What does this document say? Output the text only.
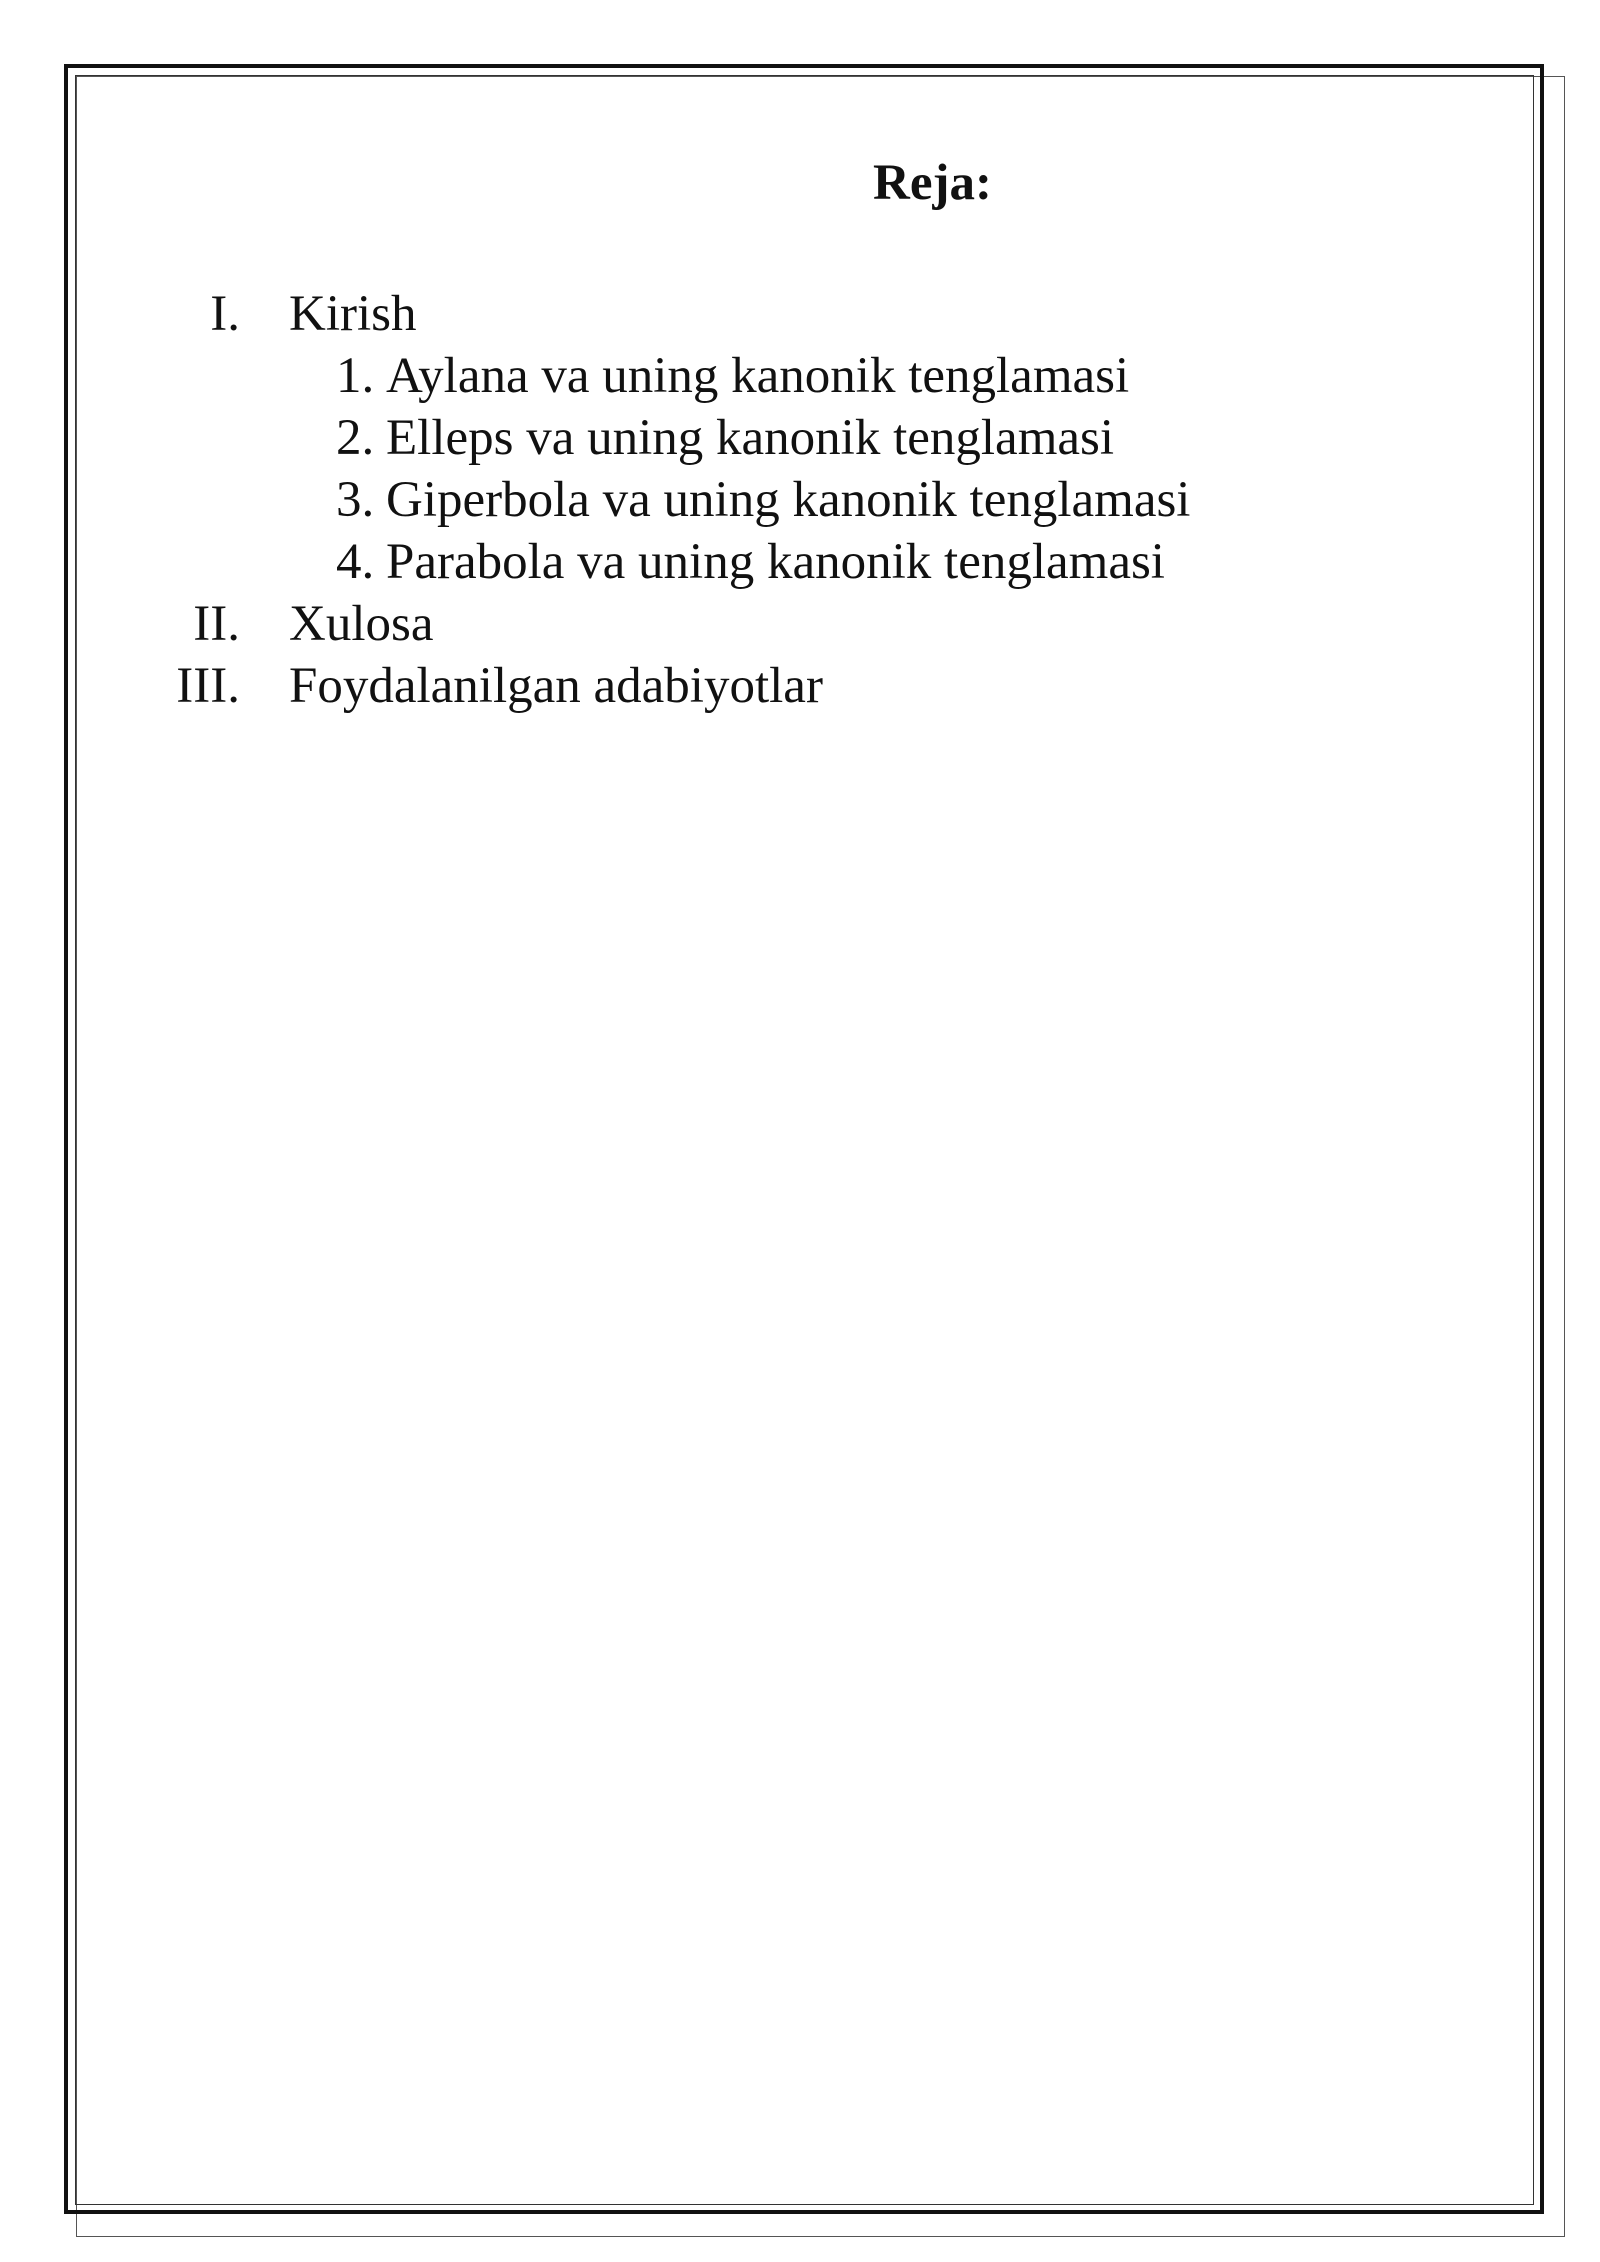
Reja:
I. Kirish
1. Aylana va uning kanonik tenglamasi
2. Elleps va uning kanonik tenglamasi
3. Giperbola va uning kanonik tenglamasi
4. Parabola va uning kanonik tenglamasi
II. Xulosa
III. Foydalanilgan adabiyotlar
